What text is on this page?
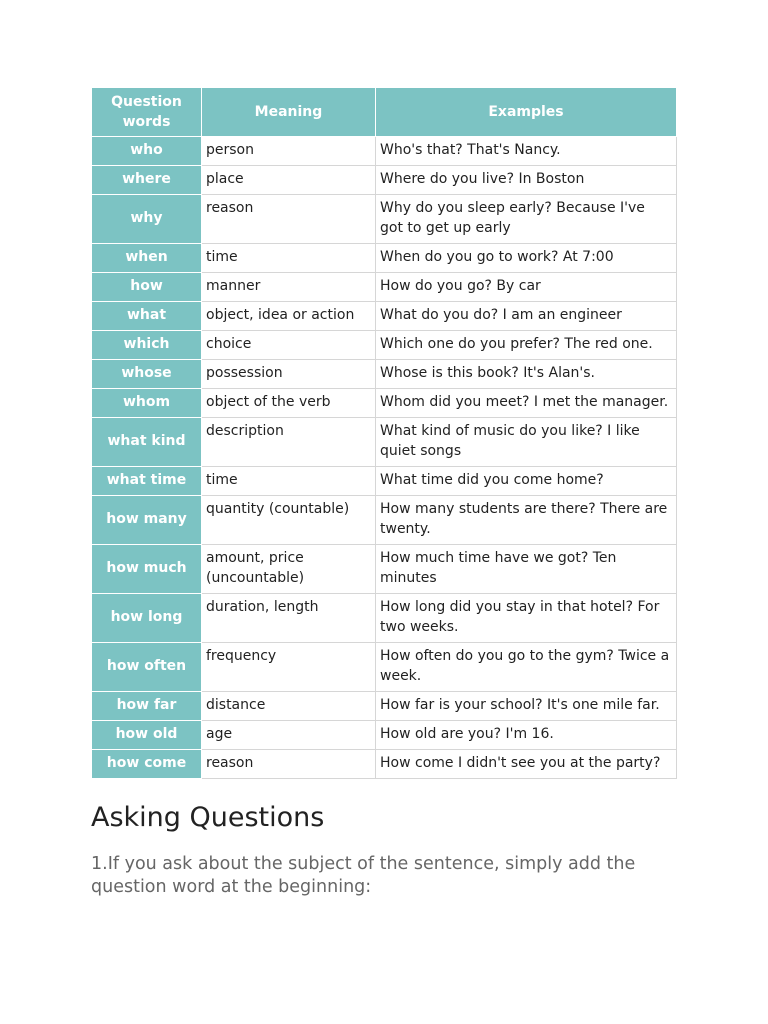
Question words	Meaning	Examples
who	person	Who's that? That's Nancy.
where	place	Where do you live? In Boston
why	reason	Why do you sleep early? Because I've got to get up early
when	time	When do you go to work? At 7:00
how	manner	How do you go? By car
what	object, idea or action	What do you do? I am an engineer
which	choice	Which one do you prefer? The red one.
whose	possession	Whose is this book? It's Alan's.
whom	object of the verb	Whom did you meet? I met the manager.
what kind	description	What kind of music do you like? I like quiet songs
what time	time	What time did you come home?
how many	quantity (countable)	How many students are there? There are twenty.
how much	amount, price (uncountable)	How much time have we got? Ten minutes
how long	duration, length	How long did you stay in that hotel? For two weeks.
how often	frequency	How often do you go to the gym? Twice a week.
how far	distance	How far is your school? It's one mile far.
how old	age	How old are you? I'm 16.
how come	reason	How come I didn't see you at the party?
Asking Questions

1.If you ask about the subject of the sentence, simply add the question word at the beginning:
